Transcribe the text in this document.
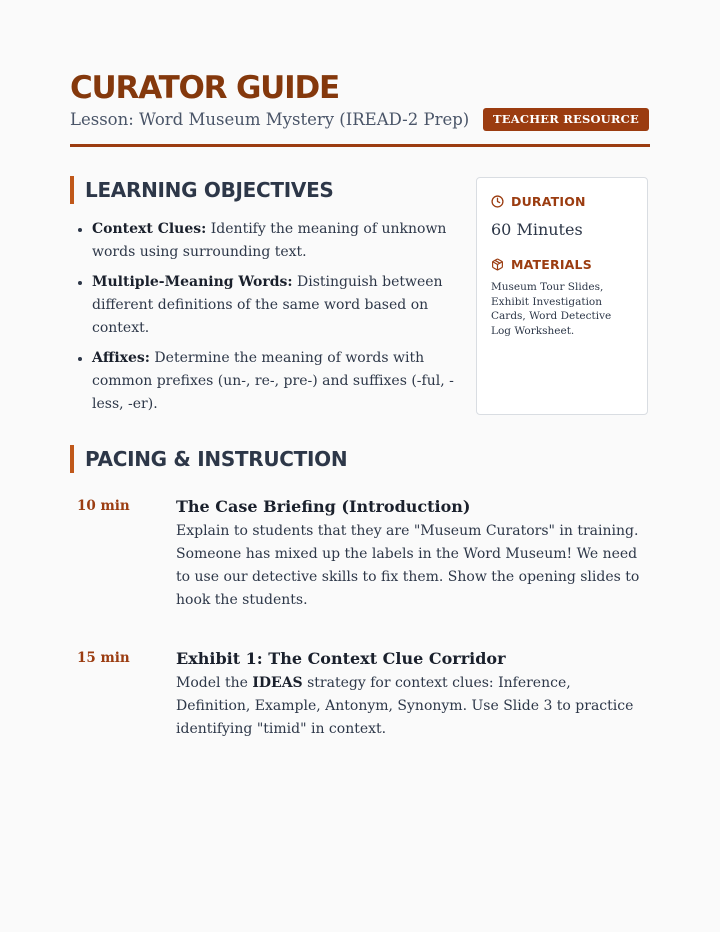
CURATOR GUIDE
Lesson: Word Museum Mystery (IREAD-2 Prep)	TEACHER RESOURCE
LEARNING OBJECTIVES
• Context Clues: Identify the meaning of unknown words using surrounding text.
• Multiple-Meaning Words: Distinguish between different definitions of the same word based on context.
• Affixes: Determine the meaning of words with common prefixes (un-, re-, pre-) and suffixes (-ful, -less, -er).
DURATION
60 Minutes
MATERIALS
Museum Tour Slides, Exhibit Investigation Cards, Word Detective Log Worksheet.
PACING & INSTRUCTION
10 min	The Case Briefing (Introduction)
Explain to students that they are "Museum Curators" in training. Someone has mixed up the labels in the Word Museum! We need to use our detective skills to fix them. Show the opening slides to hook the students.
15 min	Exhibit 1: The Context Clue Corridor
Model the IDEAS strategy for context clues: Inference, Definition, Example, Antonym, Synonym. Use Slide 3 to practice identifying "timid" in context.
